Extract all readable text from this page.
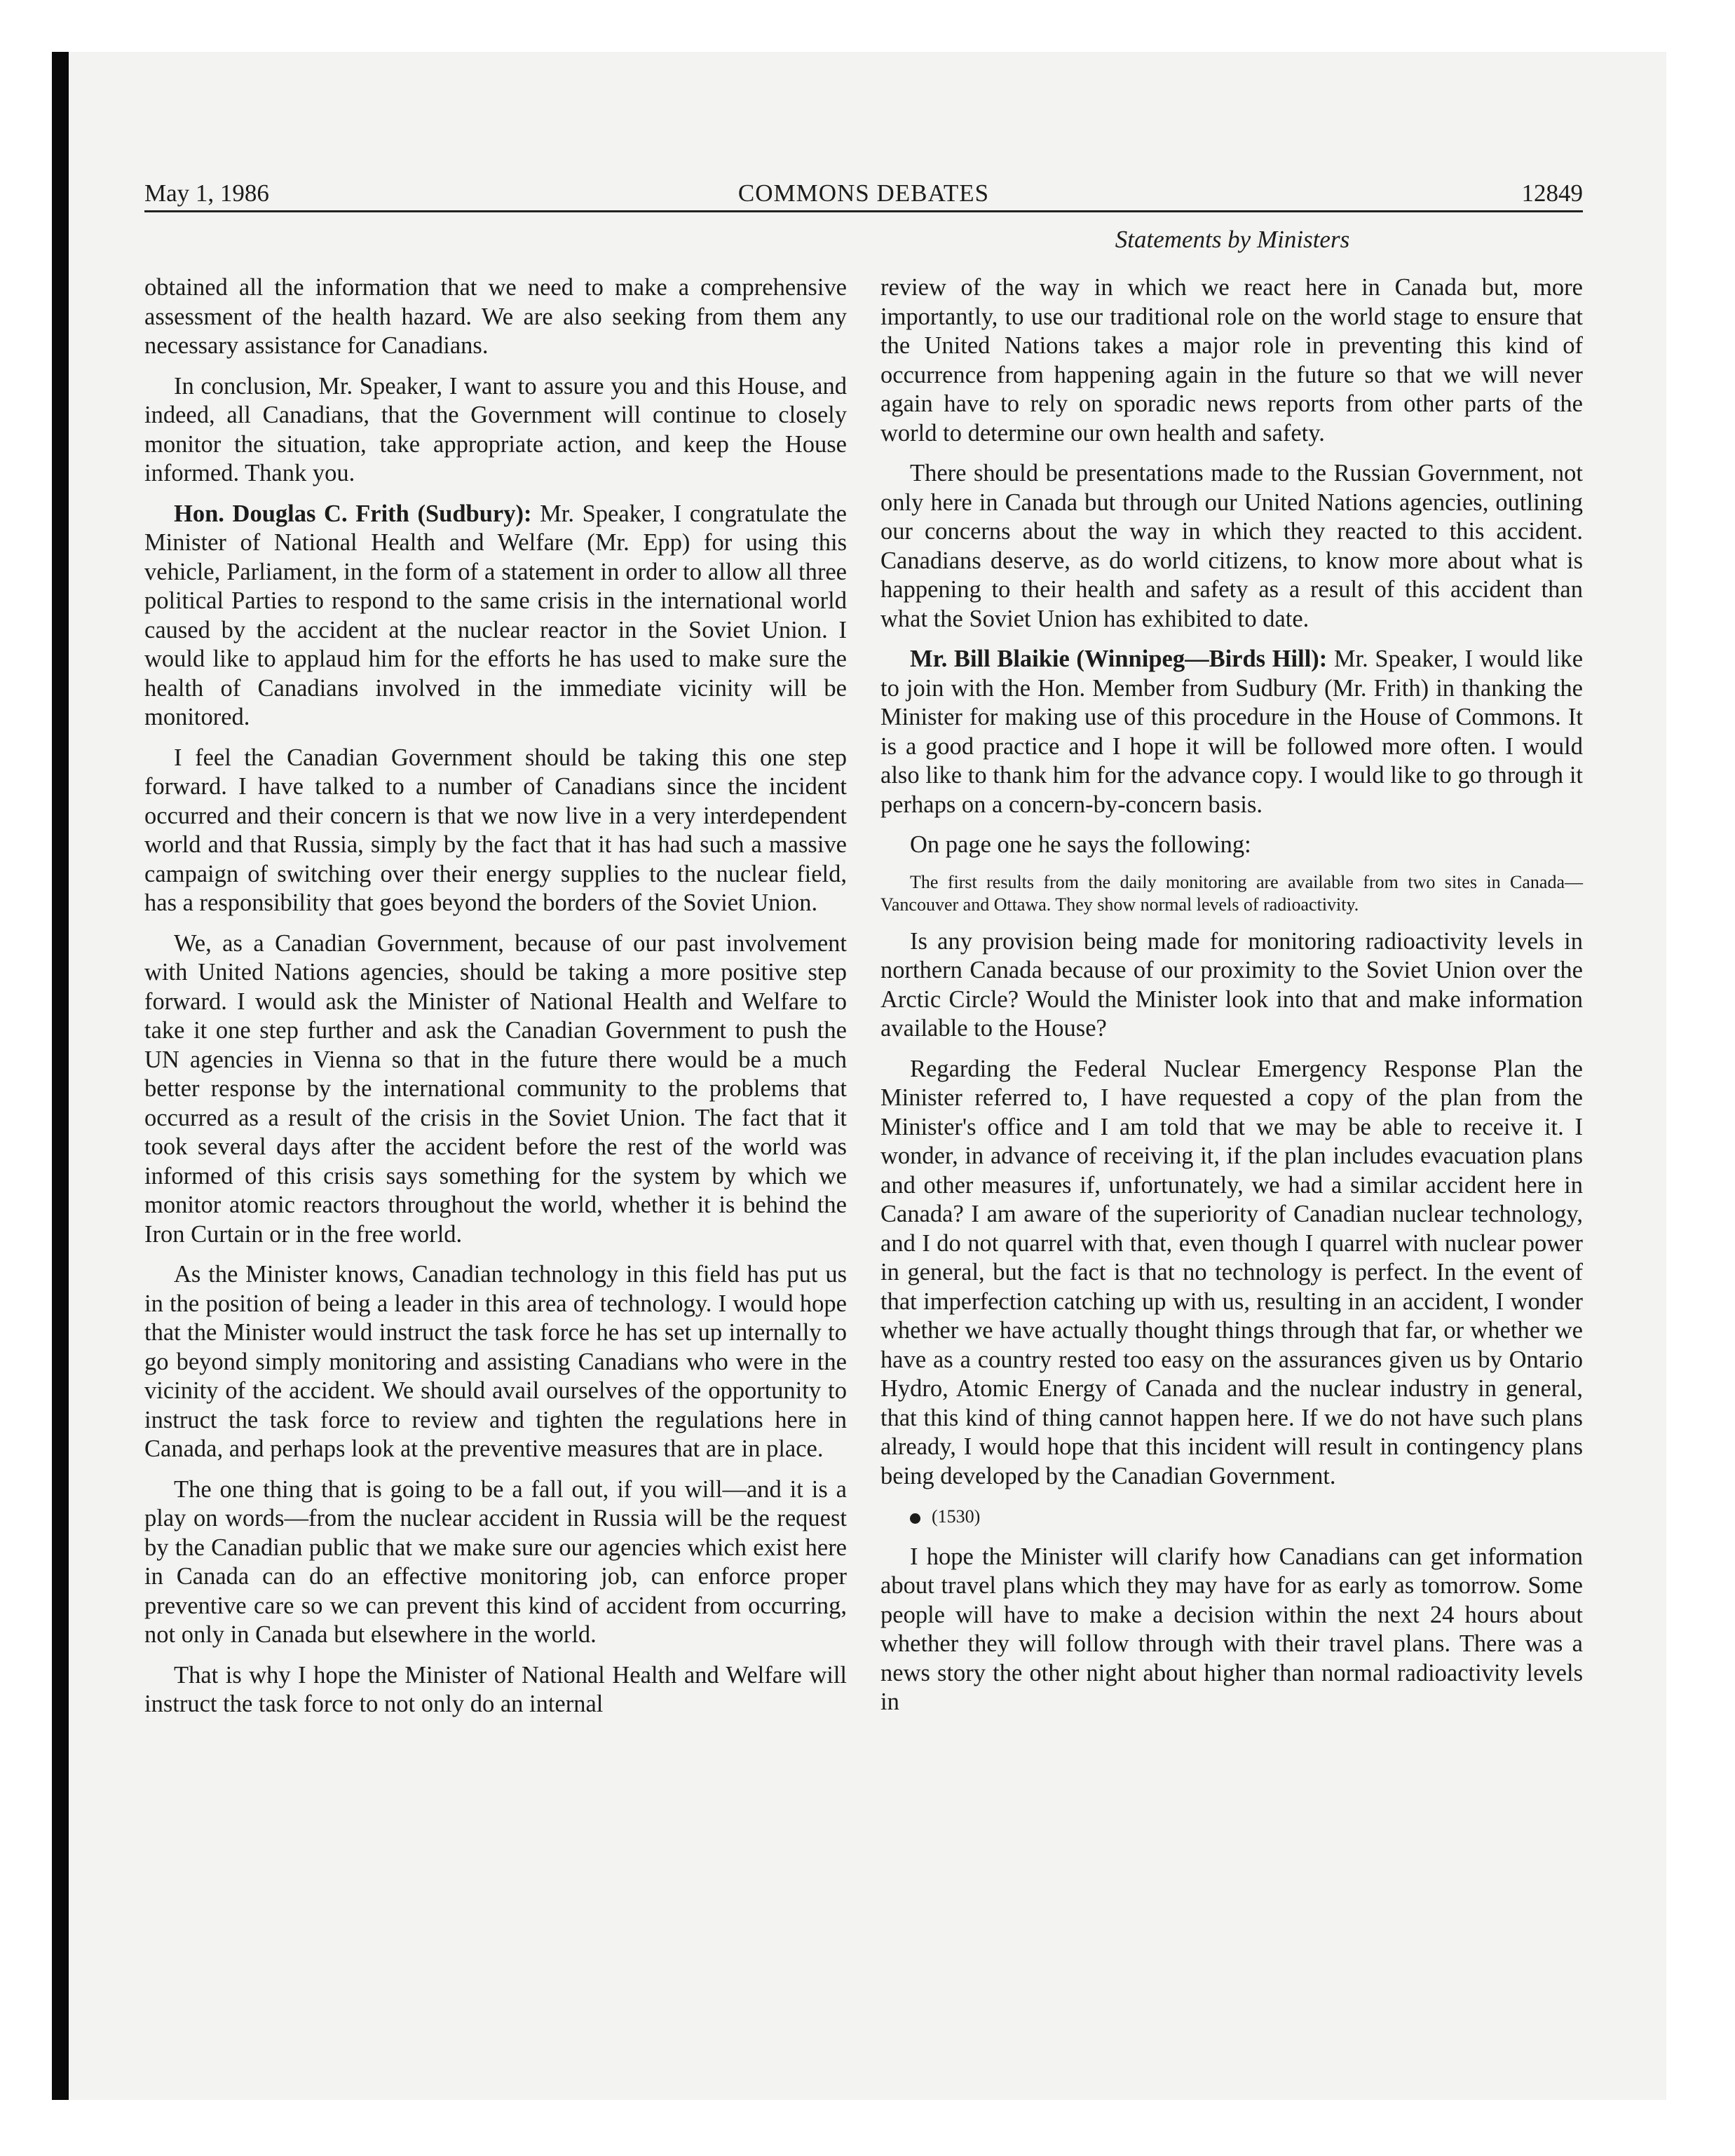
COMMONS DEBATES
May 1, 1986	12849
Statements by Ministers

obtained all the information that we need to make a comprehensive assessment of the health hazard. We are also seeking from them any necessary assistance for Canadians.

In conclusion, Mr. Speaker, I want to assure you and this House, and indeed, all Canadians, that the Government will continue to closely monitor the situation, take appropriate action, and keep the House informed. Thank you.

Hon. Douglas C. Frith (Sudbury): Mr. Speaker, I congratulate the Minister of National Health and Welfare (Mr. Epp) for using this vehicle, Parliament, in the form of a statement in order to allow all three political Parties to respond to the same crisis in the international world caused by the accident at the nuclear reactor in the Soviet Union. I would like to applaud him for the efforts he has used to make sure the health of Canadians involved in the immediate vicinity will be monitored.

I feel the Canadian Government should be taking this one step forward. I have talked to a number of Canadians since the incident occurred and their concern is that we now live in a very interdependent world and that Russia, simply by the fact that it has had such a massive campaign of switching over their energy supplies to the nuclear field, has a responsibility that goes beyond the borders of the Soviet Union.

We, as a Canadian Government, because of our past involvement with United Nations agencies, should be taking a more positive step forward. I would ask the Minister of National Health and Welfare to take it one step further and ask the Canadian Government to push the UN agencies in Vienna so that in the future there would be a much better response by the international community to the problems that occurred as a result of the crisis in the Soviet Union. The fact that it took several days after the accident before the rest of the world was informed of this crisis says something for the system by which we monitor atomic reactors throughout the world, whether it is behind the Iron Curtain or in the free world.

As the Minister knows, Canadian technology in this field has put us in the position of being a leader in this area of technology. I would hope that the Minister would instruct the task force he has set up internally to go beyond simply monitoring and assisting Canadians who were in the vicinity of the accident. We should avail ourselves of the opportunity to instruct the task force to review and tighten the regulations here in Canada, and perhaps look at the preventive measures that are in place.

The one thing that is going to be a fall out, if you will—and it is a play on words—from the nuclear accident in Russia will be the request by the Canadian public that we make sure our agencies which exist here in Canada can do an effective monitoring job, can enforce proper preventive care so we can prevent this kind of accident from occurring, not only in Canada but elsewhere in the world.

That is why I hope the Minister of National Health and Welfare will instruct the task force to not only do an internal

review of the way in which we react here in Canada but, more importantly, to use our traditional role on the world stage to ensure that the United Nations takes a major role in preventing this kind of occurrence from happening again in the future so that we will never again have to rely on sporadic news reports from other parts of the world to determine our own health and safety.

There should be presentations made to the Russian Government, not only here in Canada but through our United Nations agencies, outlining our concerns about the way in which they reacted to this accident. Canadians deserve, as do world citizens, to know more about what is happening to their health and safety as a result of this accident than what the Soviet Union has exhibited to date.

Mr. Bill Blaikie (Winnipeg—Birds Hill): Mr. Speaker, I would like to join with the Hon. Member from Sudbury (Mr. Frith) in thanking the Minister for making use of this procedure in the House of Commons. It is a good practice and I hope it will be followed more often. I would also like to thank him for the advance copy. I would like to go through it perhaps on a concern-by-concern basis.

On page one he says the following:

The first results from the daily monitoring are available from two sites in Canada—Vancouver and Ottawa. They show normal levels of radioactivity.

Is any provision being made for monitoring radioactivity levels in northern Canada because of our proximity to the Soviet Union over the Arctic Circle? Would the Minister look into that and make information available to the House?

Regarding the Federal Nuclear Emergency Response Plan the Minister referred to, I have requested a copy of the plan from the Minister's office and I am told that we may be able to receive it. I wonder, in advance of receiving it, if the plan includes evacuation plans and other measures if, unfortunately, we had a similar accident here in Canada? I am aware of the superiority of Canadian nuclear technology, and I do not quarrel with that, even though I quarrel with nuclear power in general, but the fact is that no technology is perfect. In the event of that imperfection catching up with us, resulting in an accident, I wonder whether we have actually thought things through that far, or whether we have as a country rested too easy on the assurances given us by Ontario Hydro, Atomic Energy of Canada and the nuclear industry in general, that this kind of thing cannot happen here. If we do not have such plans already, I would hope that this incident will result in contingency plans being developed by the Canadian Government.

(1530)

I hope the Minister will clarify how Canadians can get information about travel plans which they may have for as early as tomorrow. Some people will have to make a decision within the next 24 hours about whether they will follow through with their travel plans. There was a news story the other night about higher than normal radioactivity levels in
